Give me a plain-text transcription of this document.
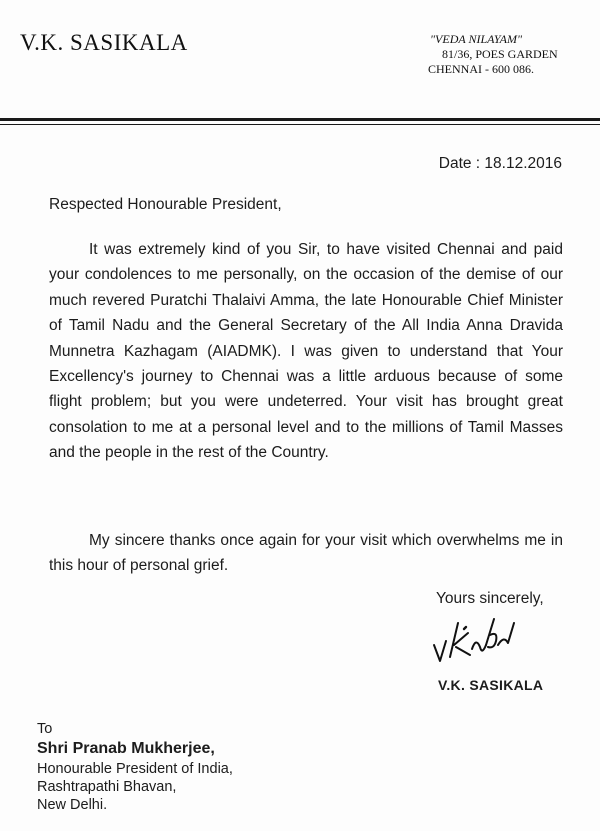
V.K. SASIKALA	"VEDA NILAYAM"
81/36, POES GARDEN
CHENNAI - 600 086.
Date : 18.12.2016
Respected Honourable President,

It was extremely kind of you Sir, to have visited Chennai and paid your condolences to me personally, on the occasion of the demise of our much revered Puratchi Thalaivi Amma, the late Honourable Chief Minister of Tamil Nadu and the General Secretary of the All India Anna Dravida Munnetra Kazhagam (AIADMK). I was given to understand that Your Excellency's journey to Chennai was a little arduous because of some flight problem; but you were undeterred. Your visit has brought great consolation to me at a personal level and to the millions of Tamil Masses and the people in the rest of the Country.

My sincere thanks once again for your visit which overwhelms me in this hour of personal grief.

Yours sincerely,
V.K. SASIKALA
To
Shri Pranab Mukherjee,
Honourable President of India,
Rashtrapathi Bhavan,
New Delhi.
